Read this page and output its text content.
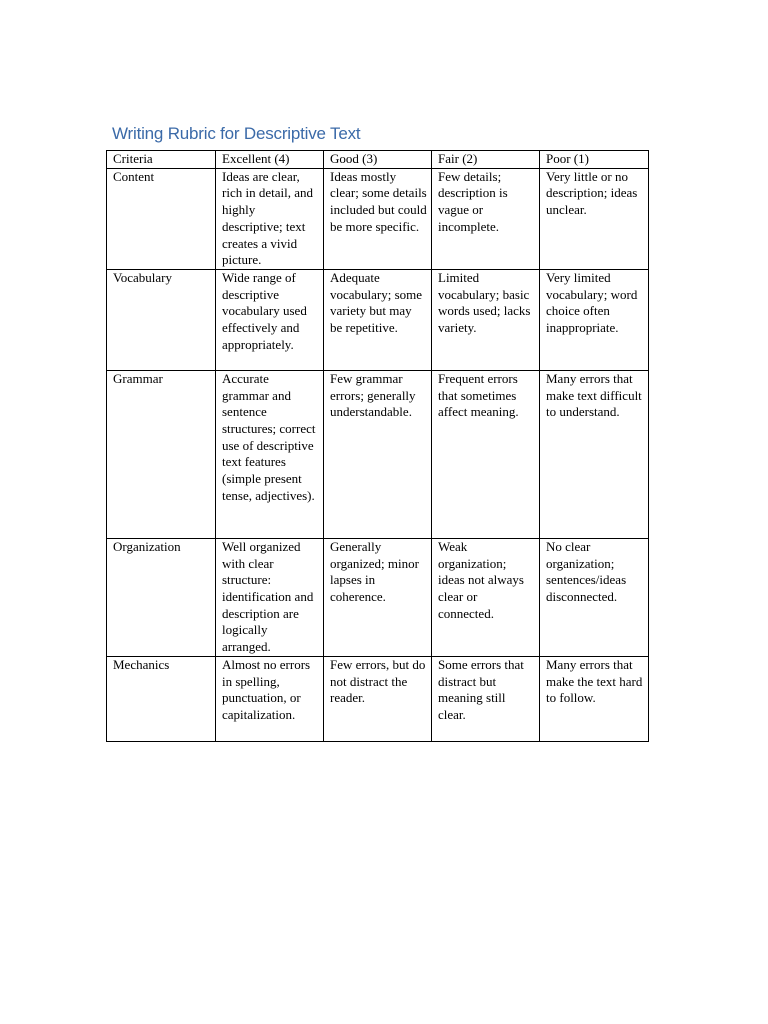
Writing Rubric for Descriptive Text
Criteria	Excellent (4)	Good (3)	Fair (2)	Poor (1)
Content	Ideas are clear, rich in detail, and highly descriptive; text creates a vivid picture.	Ideas mostly clear; some details included but could be more specific.	Few details; description is vague or incomplete.	Very little or no description; ideas unclear.
Vocabulary	Wide range of descriptive vocabulary used effectively and appropriately.	Adequate vocabulary; some variety but may be repetitive.	Limited vocabulary; basic words used; lacks variety.	Very limited vocabulary; word choice often inappropriate.
Grammar	Accurate grammar and sentence structures; correct use of descriptive text features (simple present tense, adjectives).	Few grammar errors; generally understandable.	Frequent errors that sometimes affect meaning.	Many errors that make text difficult to understand.
Organization	Well organized with clear structure: identification and description are logically arranged.	Generally organized; minor lapses in coherence.	Weak organization; ideas not always clear or connected.	No clear organization; sentences/ideas disconnected.
Mechanics	Almost no errors in spelling, punctuation, or capitalization.	Few errors, but do not distract the reader.	Some errors that distract but meaning still clear.	Many errors that make the text hard to follow.
